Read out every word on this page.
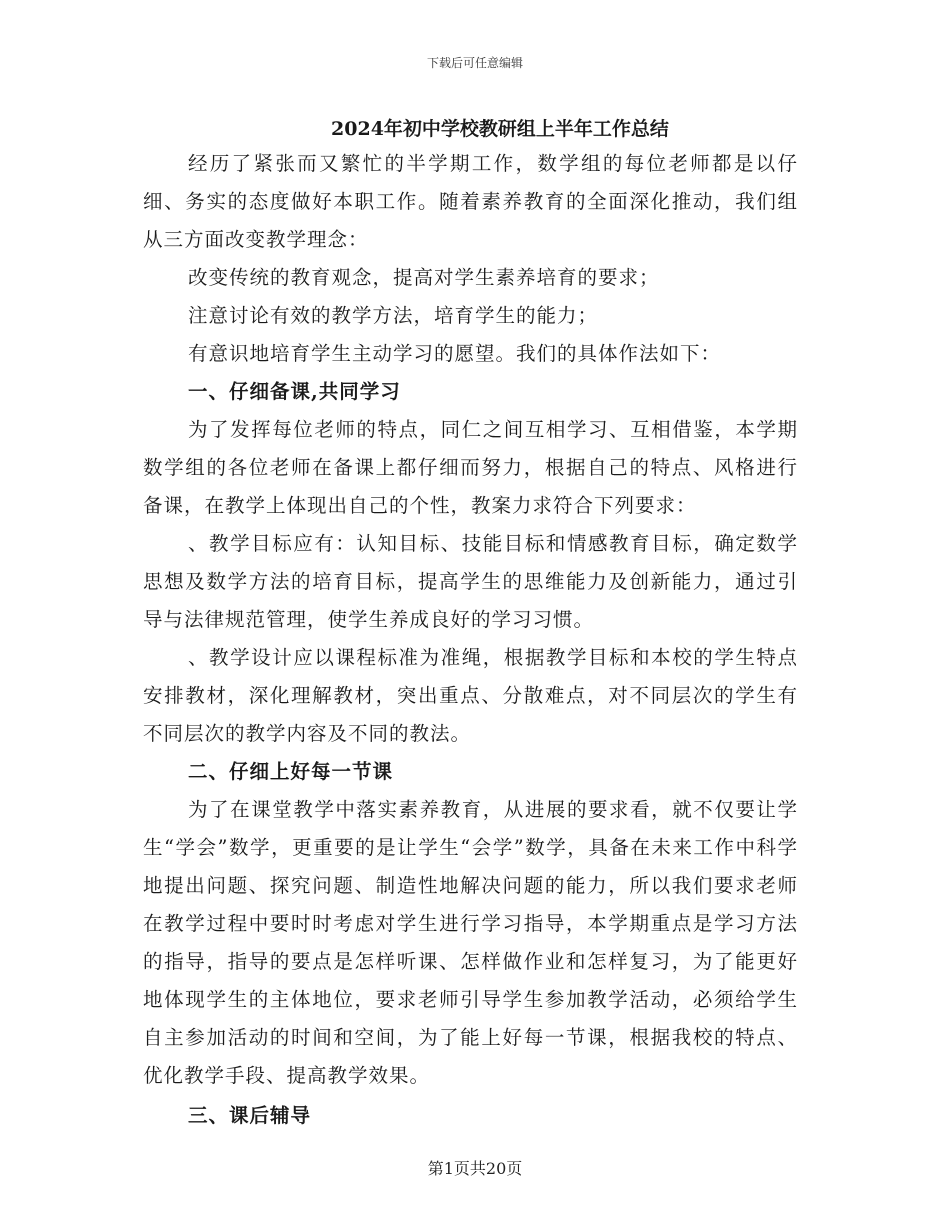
下载后可任意编辑
2024年初中学校教研组上半年工作总结

经历了紧张而又繁忙的半学期工作，数学组的每位老师都是以仔细、务实的态度做好本职工作。随着素养教育的全面深化推动，我们组从三方面改变教学理念：

改变传统的教育观念，提高对学生素养培育的要求；

注意讨论有效的教学方法，培育学生的能力；

有意识地培育学生主动学习的愿望。我们的具体作法如下：

一、仔细备课,共同学习

为了发挥每位老师的特点，同仁之间互相学习、互相借鉴，本学期数学组的各位老师在备课上都仔细而努力，根据自己的特点、风格进行备课，在教学上体现出自己的个性，教案力求符合下列要求：

、教学目标应有：认知目标、技能目标和情感教育目标，确定数学思想及数学方法的培育目标，提高学生的思维能力及创新能力，通过引导与法律规范管理，使学生养成良好的学习习惯。

、教学设计应以课程标准为准绳，根据教学目标和本校的学生特点安排教材，深化理解教材，突出重点、分散难点，对不同层次的学生有不同层次的教学内容及不同的教法。

二、仔细上好每一节课

为了在课堂教学中落实素养教育，从进展的要求看，就不仅要让学生“学会”数学，更重要的是让学生“会学”数学，具备在未来工作中科学地提出问题、探究问题、制造性地解决问题的能力，所以我们要求老师在教学过程中要时时考虑对学生进行学习指导，本学期重点是学习方法的指导，指导的要点是怎样听课、怎样做作业和怎样复习，为了能更好地体现学生的主体地位，要求老师引导学生参加教学活动，必须给学生自主参加活动的时间和空间，为了能上好每一节课，根据我校的特点、优化教学手段、提高教学效果。

三、课后辅导

第1页共20页
